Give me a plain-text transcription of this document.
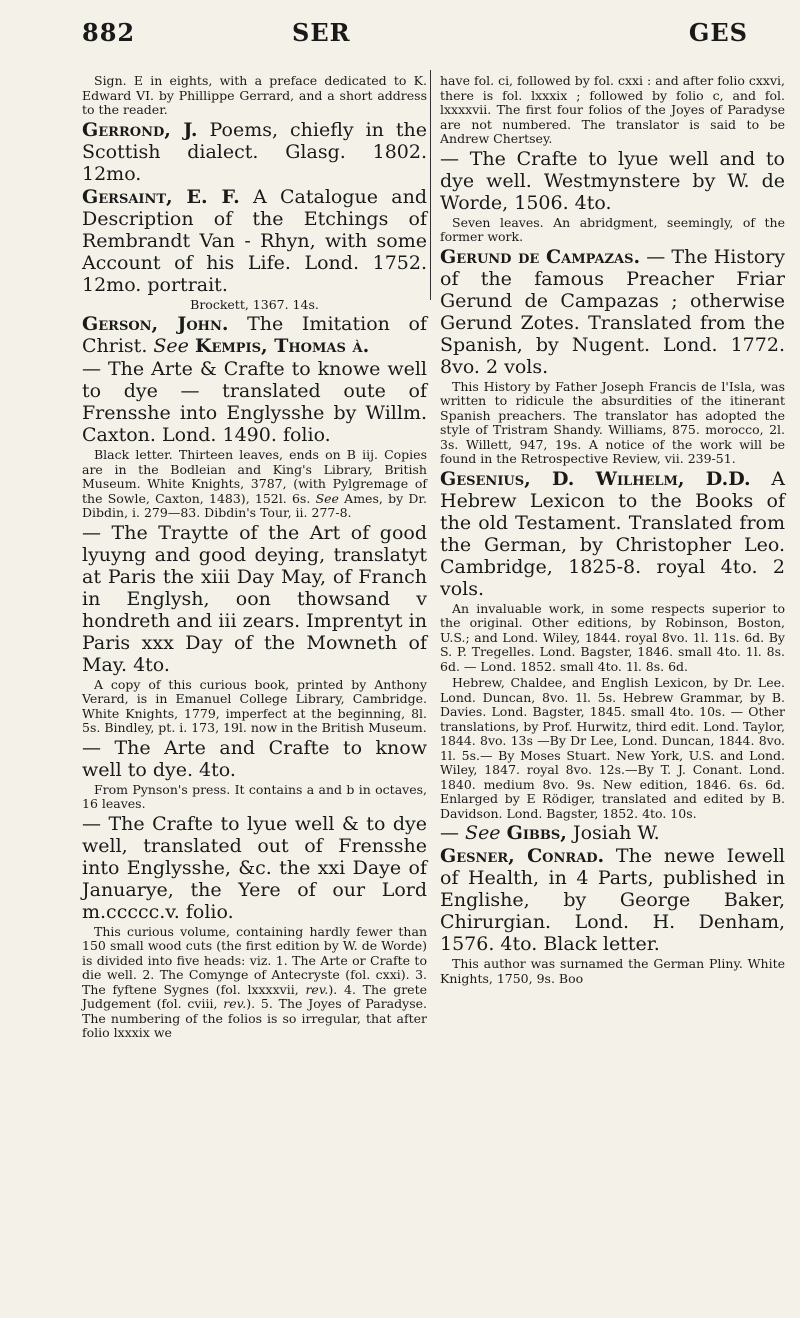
882	SER	GES

Sign. E in eights, with a preface dedicated to K. Edward VI. by Phillippe Gerrard, and a short address to the reader.

Gerrond, J. Poems, chiefly in the Scottish dialect. Glasg. 1802. 12mo.

Gersaint, E. F. A Catalogue and Description of the Etchings of Rembrandt Van - Rhyn, with some Account of his Life. Lond. 1752. 12mo. portrait.

Brockett, 1367. 14s.

Gerson, John. The Imitation of Christ. See Kempis, Thomas à.

— The Arte & Crafte to knowe well to dye — translated oute of Frensshe into Englysshe by Willm. Caxton. Lond. 1490. folio.

Black letter. Thirteen leaves, ends on B iij. Copies are in the Bodleian and King's Library, British Museum. White Knights, 3787, (with Pylgremage of the Sowle, Caxton, 1483), 152l. 6s. See Ames, by Dr. Dibdin, i. 279—83. Dibdin's Tour, ii. 277-8.

— The Traytte of the Art of good lyuyng and good deying, translatyt at Paris the xiii Day May, of Franch in Englysh, oon thowsand v hondreth and iii zears. Imprentyt in Paris xxx Day of the Mowneth of May. 4to.

A copy of this curious book, printed by Anthony Verard, is in Emanuel College Library, Cambridge. White Knights, 1779, imperfect at the beginning, 8l. 5s. Bindley, pt. i. 173, 19l. now in the British Museum.

— The Arte and Crafte to know well to dye. 4to.

From Pynson's press. It contains a and b in octaves, 16 leaves.

— The Crafte to lyue well & to dye well, translated out of Frensshe into Englysshe, &c. the xxi Daye of Januarye, the Yere of our Lord m.ccccc.v. folio.

This curious volume, containing hardly fewer than 150 small wood cuts (the first edition by W. de Worde) is divided into five heads: viz. 1. The Arte or Crafte to die well. 2. The Comynge of Antecryste (fol. cxxi). 3. The fyftene Sygnes (fol. lxxxxvii, rev.). 4. The grete Judgement (fol. cviii, rev.). 5. The Joyes of Paradyse. The numbering of the folios is so irregular, that after folio lxxxix we

have fol. ci, followed by fol. cxxi : and after folio cxxvi, there is fol. lxxxix ; followed by folio c, and fol. lxxxxvii. The first four folios of the Joyes of Paradyse are not numbered. The translator is said to be Andrew Chertsey.

— The Crafte to lyue well and to dye well. Westmynstere by W. de Worde, 1506. 4to.

Seven leaves. An abridgment, seemingly, of the former work.

Gerund de Campazas. — The History of the famous Preacher Friar Gerund de Campazas ; otherwise Gerund Zotes. Translated from the Spanish, by Nugent. Lond. 1772. 8vo. 2 vols.

This History by Father Joseph Francis de l'Isla, was written to ridicule the absurdities of the itinerant Spanish preachers. The translator has adopted the style of Tristram Shandy. Williams, 875. morocco, 2l. 3s. Willett, 947, 19s. A notice of the work will be found in the Retrospective Review, vii. 239-51.

Gesenius, D. Wilhelm, D.D. A Hebrew Lexicon to the Books of the old Testament. Translated from the German, by Christopher Leo. Cambridge, 1825-8. royal 4to. 2 vols.

An invaluable work, in some respects superior to the original. Other editions, by Robinson, Boston, U.S.; and Lond. Wiley, 1844. royal 8vo. 1l. 11s. 6d. By S. P. Tregelles. Lond. Bagster, 1846. small 4to. 1l. 8s. 6d. — Lond. 1852. small 4to. 1l. 8s. 6d.

Hebrew, Chaldee, and English Lexicon, by Dr. Lee. Lond. Duncan, 8vo. 1l. 5s. Hebrew Grammar, by B. Davies. Lond. Bagster, 1845. small 4to. 10s. — Other translations, by Prof. Hurwitz, third edit. Lond. Taylor, 1844. 8vo. 13s —By Dr Lee, Lond. Duncan, 1844. 8vo. 1l. 5s.— By Moses Stuart. New York, U.S. and Lond. Wiley, 1847. royal 8vo. 12s.—By T. J. Conant. Lond. 1840. medium 8vo. 9s. New edition, 1846. 6s. 6d. Enlarged by E Rödiger, translated and edited by B. Davidson. Lond. Bagster, 1852. 4to. 10s.

— See Gibbs, Josiah W.

Gesner, Conrad. The newe Iewell of Health, in 4 Parts, published in Englishe, by George Baker, Chirurgian. Lond. H. Denham, 1576. 4to. Black letter.

This author was surnamed the German Pliny. White Knights, 1750, 9s. Boo
